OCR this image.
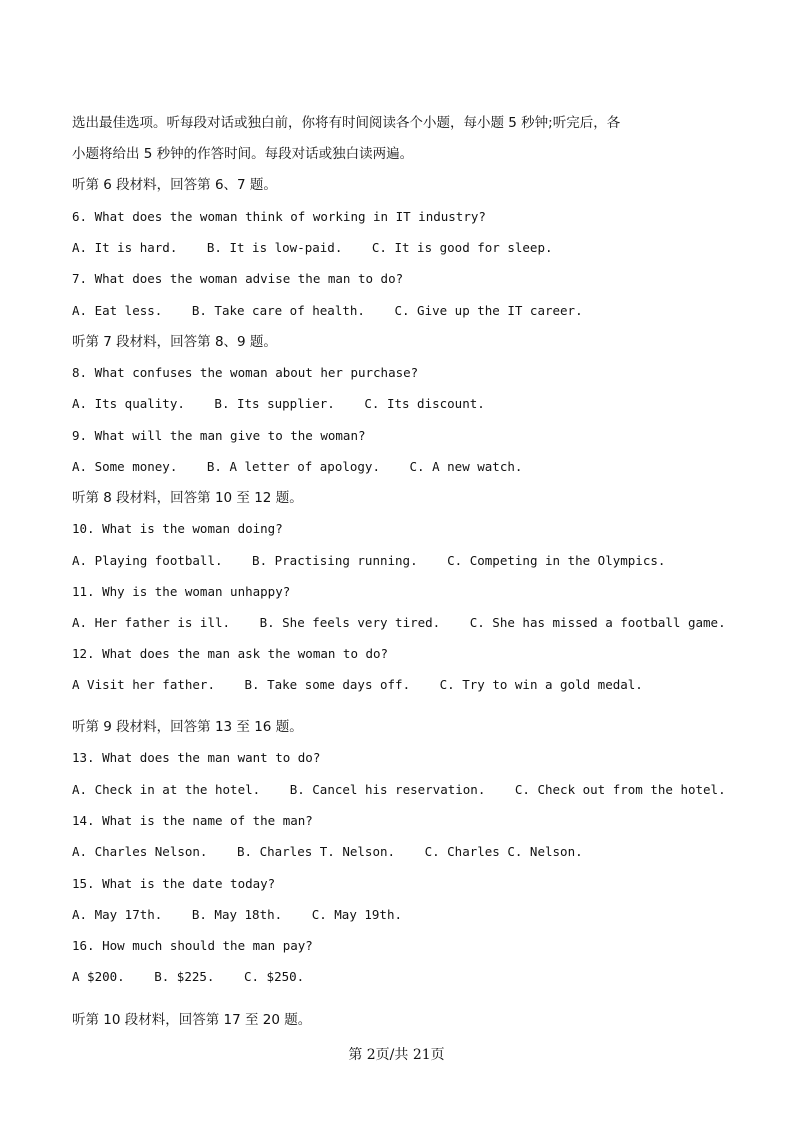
选出最佳选项。听每段对话或独白前，你将有时间阅读各个小题，每小题 5 秒钟;听完后，各
小题将给出 5 秒钟的作答时间。每段对话或独白读两遍。
听第 6 段材料，回答第 6、7 题。
6. What does the woman think of working in IT industry?
A. It is hard. B. It is low-paid. C. It is good for sleep.
7. What does the woman advise the man to do?
A. Eat less. B. Take care of health. C. Give up the IT career.
听第 7 段材料，回答第 8、9 题。
8. What confuses the woman about her purchase?
A. Its quality. B. Its supplier. C. Its discount.
9. What will the man give to the woman?
A. Some money. B. A letter of apology. C. A new watch.
听第 8 段材料，回答第 10 至 12 题。
10. What is the woman doing?
A. Playing football. B. Practising running. C. Competing in the Olympics.
11. Why is the woman unhappy?
A. Her father is ill. B. She feels very tired. C. She has missed a football game.
12. What does the man ask the woman to do?
A Visit her father. B. Take some days off. C. Try to win a gold medal.
听第 9 段材料，回答第 13 至 16 题。
13. What does the man want to do?
A. Check in at the hotel. B. Cancel his reservation. C. Check out from the hotel.
14. What is the name of the man?
A. Charles Nelson. B. Charles T. Nelson. C. Charles C. Nelson.
15. What is the date today?
A. May 17th. B. May 18th. C. May 19th.
16. How much should the man pay?
A $200. B. $225. C. $250.
听第 10 段材料，回答第 17 至 20 题。
第 2页/共 21页
